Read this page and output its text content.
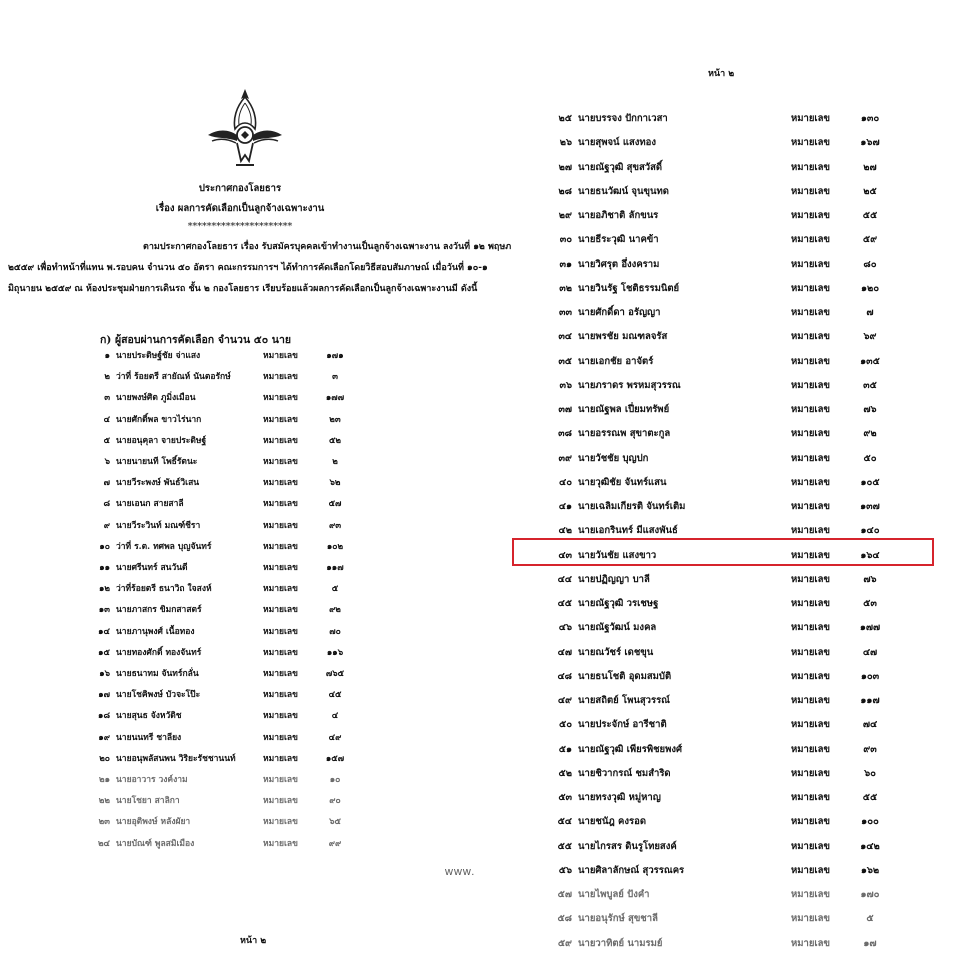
ประกาศกองโลยธาร
เรื่อง ผลการคัดเลือกเป็นลูกจ้างเฉพาะงาน
**********************
ตามประกาศกองโลยธาร เรื่อง รับสมัครบุคคลเข้าทำงานเป็นลูกจ้างเฉพาะงาน ลงวันที่ ๑๒ พฤษภ
๒๕๕๙ เพื่อทำหน้าที่แทน พ.รอบคน จำนวน ๕๐ อัตรา คณะกรรมการฯ ได้ทำการคัดเลือกโดยวิธีสอบสัมภาษณ์ เมื่อวันที่ ๑๐-๑
มิถุนายน ๒๕๕๙ ณ ห้องประชุมฝ่ายการเดินรถ ชั้น ๒ กองโลยธาร เรียบร้อยแล้วผลการคัดเลือกเป็นลูกจ้างเฉพาะงานมี ดังนี้
ก) ผู้สอบผ่านการคัดเลือก จำนวน ๕๐ นาย
๑ นายประดิษฐ์ชัย จ่าแสง	หมายเลข	๑๗๑
๒ ว่าที่ ร้อยตรี สายัณห์ นันตอรักษ์	หมายเลข	๓
๓ นายพงษ์ศิต ภูมิ่งเมือน	หมายเลข	๑๗๗
๔ นายศักดิ์พล ขาวไร่นาก	หมายเลข	๒๓
๕ นายอนุคุลา จายประดิษฐ์	หมายเลข	๕๒
๖ นายนายนที โพธิ์รัตนะ	หมายเลข	๒
๗ นายวีระพงษ์ พันธ์วิเสน	หมายเลข	๖๒
๘ นายเอนก สายสาลี	หมายเลข	๕๗
๙ นายวีระวินท์ มณฑ์ชีรา	หมายเลข	๙๓
๑๐ ว่าที่ ร.ต. ทศพล บุญจันทร์	หมายเลข	๑๐๒
๑๑ นายศรีนทร์ สนวันดี	หมายเลข	๑๑๗
๑๒ ว่าที่ร้อยตรี ธนาวิถ ใจสงห์	หมายเลข	๕
๑๓ นายภาสกร ขิมกสาสตร์	หมายเลข	๙๒
๑๔ นายภานุพงศ์ เนื้อทอง	หมายเลข	๗๐
๑๕ นายทองศักดิ์ ทองจันทร์	หมายเลข	๑๑๖
๑๖ นายธนาทม จันทร์กลั่น	หมายเลข	๗๖๕
๑๗ นายโชคิพงษ์ บัวจะโป๊ะ	หมายเลข	๔๕
๑๘ นายสุนธ จังหวัดิช	หมายเลข	๔
๑๙ นายนนทรี ชาลียง	หมายเลข	๔๙
๒๐ นายอนุพลัสนพน วิริยะรัชชานนท์	หมายเลข	๑๕๗
๒๑ นายอาวาร วงค์งาม	หมายเลข	๑๐
๒๒ นายโชยา สาลิกา	หมายเลข	๙๐
๒๓ นายอุติพงษ์ หลังผัยา	หมายเลข	๖๕
๒๔ นายบัณฑ์ พูลสมิเมือง	หมายเลข	๙๙
หน้า ๒
www.
หน้า ๒
๒๕ นายบรรจง ปักกาเวสา	หมายเลข	๑๓๐
๒๖ นายสุพจน์ แสงทอง	หมายเลข	๑๖๗
๒๗ นายณัฐวุฒิ สุขสวัสดิ์	หมายเลข	๒๗
๒๘ นายธนวัฒน์ จุนขุนทด	หมายเลข	๒๕
๒๙ นายอภิชาติ ลักขนร	หมายเลข	๕๕
๓๐ นายธีระวุฒิ นาคข้า	หมายเลข	๕๙
๓๑ นายวิศรุต อึ่งงคราม	หมายเลข	๘๐
๓๒ นายวินรัฐ โชติธรรมนิตย์	หมายเลข	๑๒๐
๓๓ นายศักดิ์ดา อรัญญา	หมายเลข	๗
๓๔ นายพรชัย มณฑลจรัส	หมายเลข	๖๙
๓๕ นายเอกชัย อาจัตร์	หมายเลข	๑๓๕
๓๖ นายภราดร พรหมสุวรรณ	หมายเลข	๓๕
๓๗ นายณัฐพล เปี่ยมทรัพย์	หมายเลข	๗๖
๓๘ นายอรรณพ สุขาตะกูล	หมายเลข	๙๒
๓๙ นายวัชชัย บุญปก	หมายเลข	๕๐
๔๐ นายวุฒิชัย จันทร์แสน	หมายเลข	๑๐๕
๔๑ นายเฉลิมเกียรติ จันทร์เติม	หมายเลข	๑๓๗
๔๒ นายเอกรินทร์ มีแสงพันธ์	หมายเลข	๑๔๐
๔๓ นายวันชัย แสงขาว	หมายเลข	๑๖๔
๔๔ นายปฏิญญา บาลี	หมายเลข	๗๖
๔๕ นายณัฐวุฒิ วรเชษฐ	หมายเลข	๕๓
๔๖ นายณัฐวัฒน์ มงคล	หมายเลข	๑๗๗
๔๗ นายณวัชร์ เดชขุน	หมายเลข	๔๗
๔๘ นายธนโชติ อุดมสมบัติ	หมายเลข	๑๐๓
๔๙ นายสถิตย์ โพนสุวรรณ์	หมายเลข	๑๑๗
๕๐ นายประจักษ์ อารีชาติ	หมายเลข	๗๔
๕๑ นายณัฐวุฒิ เพียรพิชยพงศ์	หมายเลข	๙๓
๕๒ นายชิวากรณ์ ชมสำริด	หมายเลข	๖๐
๕๓ นายทรงวุฒิ หมู่หาญ	หมายเลข	๕๕
๕๔ นายชนัฎ คงรอด	หมายเลข	๑๐๐
๕๕ นายไกรสร ดินรูโทยสงค์	หมายเลข	๑๔๒
๕๖ นายศิลาลักษณ์ สุวรรณคร	หมายเลข	๑๖๒
๕๗ นายไพบูลย์ ปังคำ	หมายเลข	๑๗๐
๕๘ นายอนุรักษ์ สุขชาลี	หมายเลข	๕
๕๙ นายวาทิตย์ นามรมย์	หมายเลข	๑๗
